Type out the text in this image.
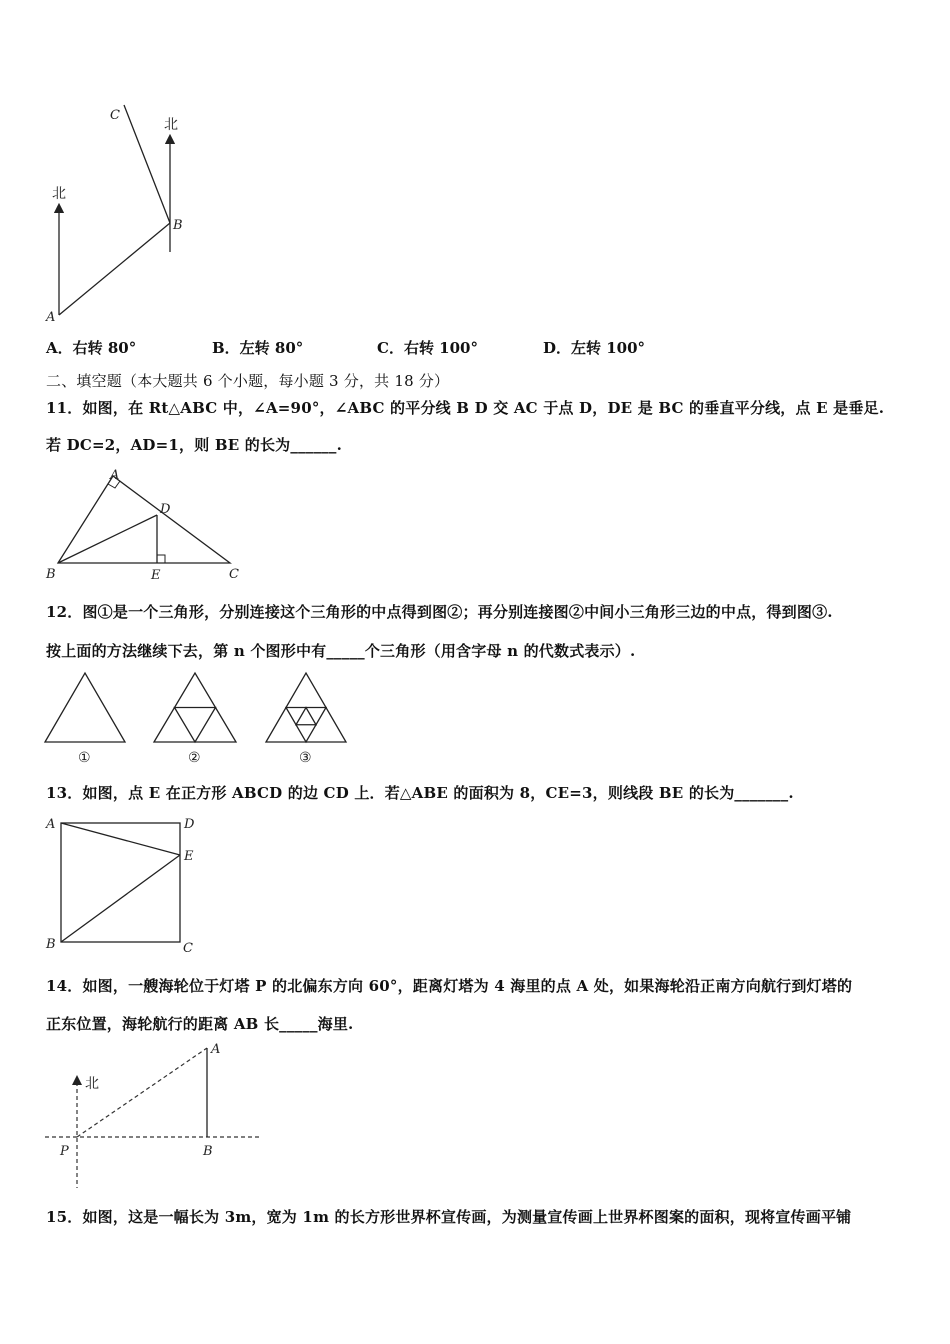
北
北
C
B
A
A．右转 80°	B．左转 80°	C．右转 100°	D．左转 100°
二、填空题（本大题共 6 个小题，每小题 3 分，共 18 分）
11．如图，在 Rt△ABC 中，∠A=90°，∠ABC 的平分线 B D 交 AC 于点 D，DE 是 BC 的垂直平分线，点 E 是垂足.
若 DC=2，AD=1，则 BE 的长为______.
A
D
B	E	C
12．图①是一个三角形，分别连接这个三角形的中点得到图②；再分别连接图②中间小三角形三边的中点，得到图③.
按上面的方法继续下去，第 n 个图形中有_____个三角形（用含字母 n 的代数式表示）.
①	②	③
13．如图，点 E 在正方形 ABCD 的边 CD 上．若△ABE 的面积为 8，CE=3，则线段 BE 的长为_______.
A	D
E
B	C
14．如图，一艘海轮位于灯塔 P 的北偏东方向 60°，距离灯塔为 4 海里的点 A 处，如果海轮沿正南方向航行到灯塔的
正东位置，海轮航行的距离 AB 长_____海里.
北
A
P	B
15．如图，这是一幅长为 3m，宽为 1m 的长方形世界杯宣传画，为测量宣传画上世界杯图案的面积，现将宣传画平铺
